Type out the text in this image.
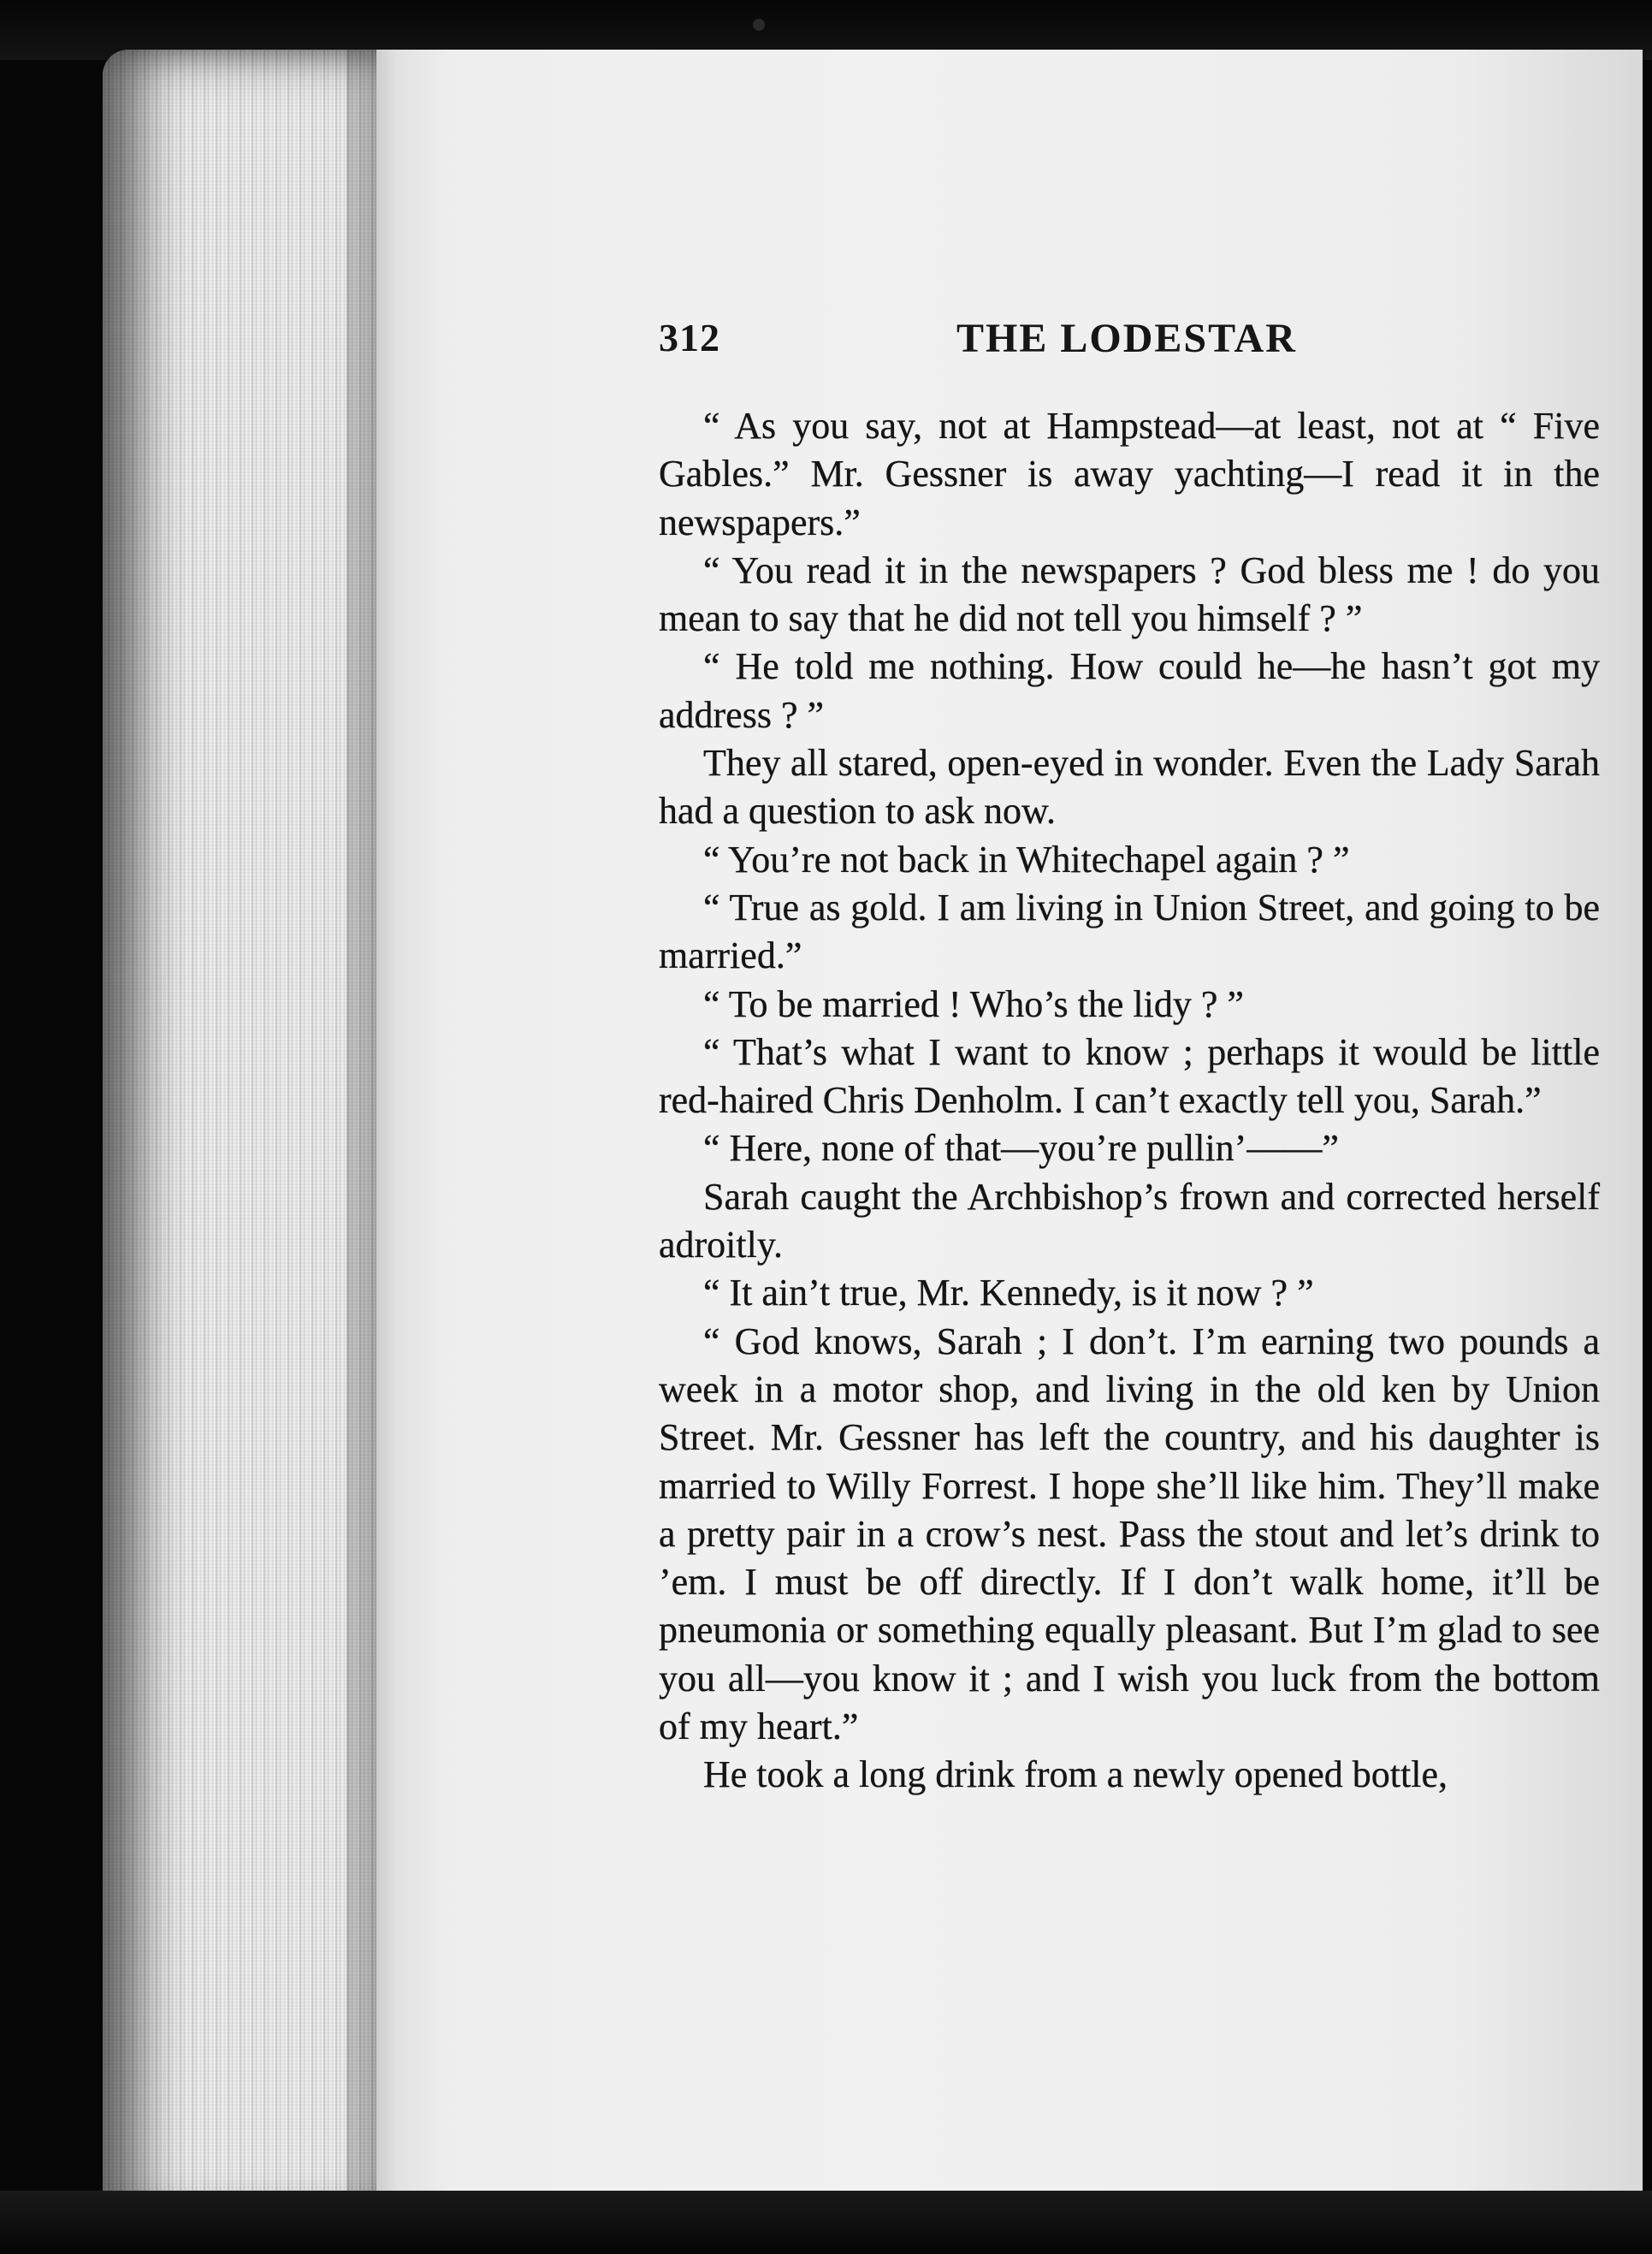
312	THE LODESTAR

“ As you say, not at Hampstead—at least, not at “ Five Gables.” Mr. Gessner is away yachting—I read it in the newspapers.”

“ You read it in the newspapers ? God bless me ! do you mean to say that he did not tell you himself ? ”

“ He told me nothing. How could he—he hasn’t got my address ? ”

They all stared, open-eyed in wonder. Even the Lady Sarah had a question to ask now.

“ You’re not back in Whitechapel again ? ”

“ True as gold. I am living in Union Street, and going to be married.”

“ To be married ! Who’s the lidy ? ”

“ That’s what I want to know ; perhaps it would be little red-haired Chris Denholm. I can’t exactly tell you, Sarah.”

“ Here, none of that—you’re pullin’——”

Sarah caught the Archbishop’s frown and corrected herself adroitly.

“ It ain’t true, Mr. Kennedy, is it now ? ”

“ God knows, Sarah ; I don’t. I’m earning two pounds a week in a motor shop, and living in the old ken by Union Street. Mr. Gessner has left the country, and his daughter is married to Willy Forrest. I hope she’ll like him. They’ll make a pretty pair in a crow’s nest. Pass the stout and let’s drink to ’em. I must be off directly. If I don’t walk home, it’ll be pneumonia or something equally pleasant. But I’m glad to see you all—you know it ; and I wish you luck from the bottom of my heart.”

He took a long drink from a newly opened bottle,
